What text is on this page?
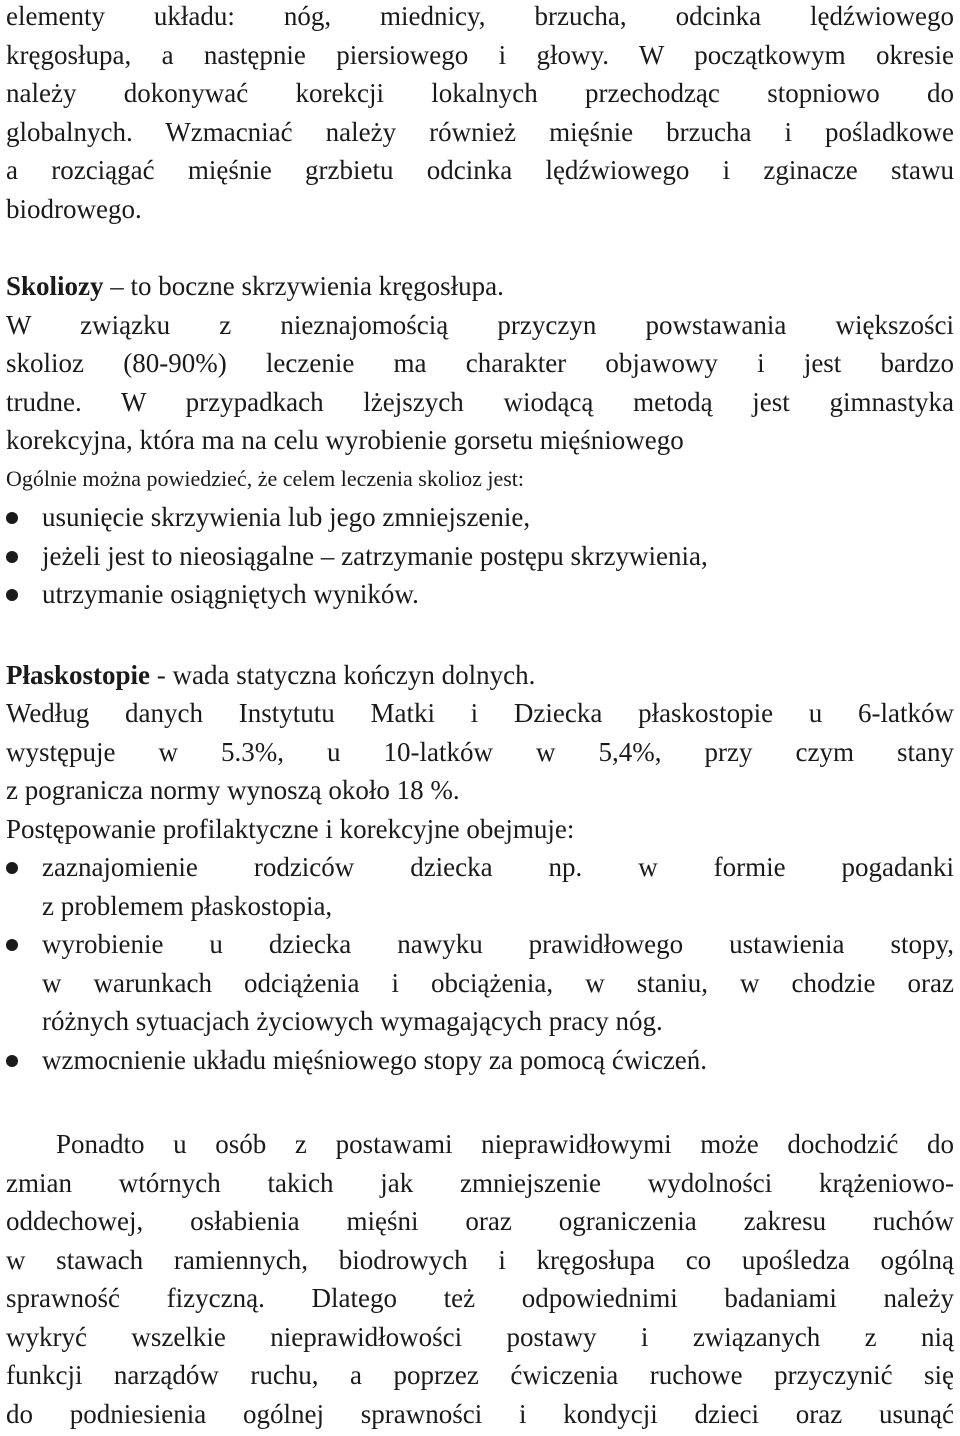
elementy układu: nóg, miednicy, brzucha, odcinka lędźwiowego
kręgosłupa, a następnie piersiowego i głowy. W początkowym okresie
należy dokonywać korekcji lokalnych przechodząc stopniowo do
globalnych. Wzmacniać należy również mięśnie brzucha i pośladkowe
a rozciągać mięśnie grzbietu odcinka lędźwiowego i zginacze stawu
biodrowego.
Skoliozy – to boczne skrzywienia kręgosłupa.
W związku z nieznajomością przyczyn powstawania większości
skolioz (80-90%) leczenie ma charakter objawowy i jest bardzo
trudne. W przypadkach lżejszych wiodącą metodą jest gimnastyka
korekcyjna, która ma na celu wyrobienie gorsetu mięśniowego
Ogólnie można powiedzieć, że celem leczenia skolioz jest:
usunięcie skrzywienia lub jego zmniejszenie,
jeżeli jest to nieosiągalne – zatrzymanie postępu skrzywienia,
utrzymanie osiągniętych wyników.
Płaskostopie - wada statyczna kończyn dolnych.
Według danych Instytutu Matki i Dziecka płaskostopie u 6-latków
występuje w 5.3%, u 10-latków w 5,4%, przy czym stany
z pogranicza normy wynoszą około 18 %.
Postępowanie profilaktyczne i korekcyjne obejmuje:
zaznajomienie rodziców dziecka np. w formie pogadanki
z problemem płaskostopia,
wyrobienie u dziecka nawyku prawidłowego ustawienia stopy,
w warunkach odciążenia i obciążenia, w staniu, w chodzie oraz
różnych sytuacjach życiowych wymagających pracy nóg.
wzmocnienie układu mięśniowego stopy za pomocą ćwiczeń.
Ponadto u osób z postawami nieprawidłowymi może dochodzić do
zmian wtórnych takich jak zmniejszenie wydolności krążeniowo-
oddechowej, osłabienia mięśni oraz ograniczenia zakresu ruchów
w stawach ramiennych, biodrowych i kręgosłupa co upośledza ogólną
sprawność fizyczną. Dlatego też odpowiednimi badaniami należy
wykryć wszelkie nieprawidłowości postawy i związanych z nią
funkcji narządów ruchu, a poprzez ćwiczenia ruchowe przyczynić się
do podniesienia ogólnej sprawności i kondycji dzieci oraz usunąć
